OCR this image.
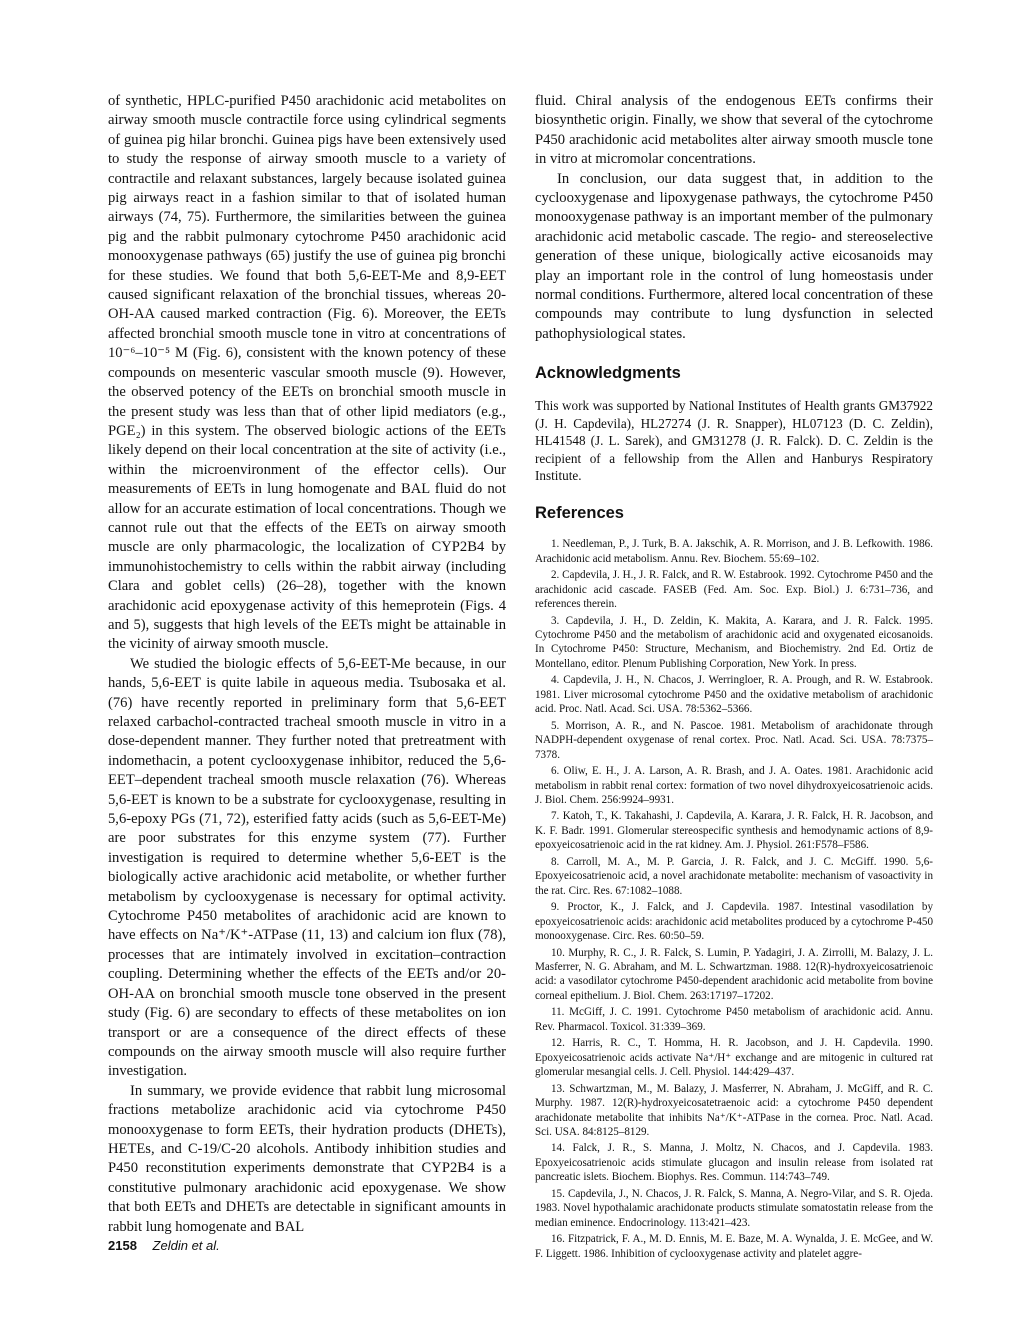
of synthetic, HPLC-purified P450 arachidonic acid metabolites on airway smooth muscle contractile force using cylindrical segments of guinea pig hilar bronchi. Guinea pigs have been extensively used to study the response of airway smooth muscle to a variety of contractile and relaxant substances, largely because isolated guinea pig airways react in a fashion similar to that of isolated human airways (74, 75). Furthermore, the similarities between the guinea pig and the rabbit pulmonary cytochrome P450 arachidonic acid monooxygenase pathways (65) justify the use of guinea pig bronchi for these studies. We found that both 5,6-EET-Me and 8,9-EET caused significant relaxation of the bronchial tissues, whereas 20-OH-AA caused marked contraction (Fig. 6). Moreover, the EETs affected bronchial smooth muscle tone in vitro at concentrations of 10⁻⁶–10⁻⁵ M (Fig. 6), consistent with the known potency of these compounds on mesenteric vascular smooth muscle (9). However, the observed potency of the EETs on bronchial smooth muscle in the present study was less than that of other lipid mediators (e.g., PGE₂) in this system. The observed biologic actions of the EETs likely depend on their local concentration at the site of activity (i.e., within the microenvironment of the effector cells). Our measurements of EETs in lung homogenate and BAL fluid do not allow for an accurate estimation of local concentrations. Though we cannot rule out that the effects of the EETs on airway smooth muscle are only pharmacologic, the localization of CYP2B4 by immunohistochemistry to cells within the rabbit airway (including Clara and goblet cells) (26–28), together with the known arachidonic acid epoxygenase activity of this hemeprotein (Figs. 4 and 5), suggests that high levels of the EETs might be attainable in the vicinity of airway smooth muscle.

We studied the biologic effects of 5,6-EET-Me because, in our hands, 5,6-EET is quite labile in aqueous media. Tsubosaka et al. (76) have recently reported in preliminary form that 5,6-EET relaxed carbachol-contracted tracheal smooth muscle in vitro in a dose-dependent manner. They further noted that pretreatment with indomethacin, a potent cyclooxygenase inhibitor, reduced the 5,6-EET–dependent tracheal smooth muscle relaxation (76). Whereas 5,6-EET is known to be a substrate for cyclooxygenase, resulting in 5,6-epoxy PGs (71, 72), esterified fatty acids (such as 5,6-EET-Me) are poor substrates for this enzyme system (77). Further investigation is required to determine whether 5,6-EET is the biologically active arachidonic acid metabolite, or whether further metabolism by cyclooxygenase is necessary for optimal activity. Cytochrome P450 metabolites of arachidonic acid are known to have effects on Na⁺/K⁺-ATPase (11, 13) and calcium ion flux (78), processes that are intimately involved in excitation–contraction coupling. Determining whether the effects of the EETs and/or 20-OH-AA on bronchial smooth muscle tone observed in the present study (Fig. 6) are secondary to effects of these metabolites on ion transport or are a consequence of the direct effects of these compounds on the airway smooth muscle will also require further investigation.

In summary, we provide evidence that rabbit lung microsomal fractions metabolize arachidonic acid via cytochrome P450 monooxygenase to form EETs, their hydration products (DHETs), HETEs, and C-19/C-20 alcohols. Antibody inhibition studies and P450 reconstitution experiments demonstrate that CYP2B4 is a constitutive pulmonary arachidonic acid epoxygenase. We show that both EETs and DHETs are detectable in significant amounts in rabbit lung homogenate and BAL

fluid. Chiral analysis of the endogenous EETs confirms their biosynthetic origin. Finally, we show that several of the cytochrome P450 arachidonic acid metabolites alter airway smooth muscle tone in vitro at micromolar concentrations.

In conclusion, our data suggest that, in addition to the cyclooxygenase and lipoxygenase pathways, the cytochrome P450 monooxygenase pathway is an important member of the pulmonary arachidonic acid metabolic cascade. The regio- and stereoselective generation of these unique, biologically active eicosanoids may play an important role in the control of lung homeostasis under normal conditions. Furthermore, altered local concentration of these compounds may contribute to lung dysfunction in selected pathophysiological states.

Acknowledgments

This work was supported by National Institutes of Health grants GM37922 (J. H. Capdevila), HL27274 (J. R. Snapper), HL07123 (D. C. Zeldin), HL41548 (J. L. Sarek), and GM31278 (J. R. Falck). D. C. Zeldin is the recipient of a fellowship from the Allen and Hanburys Respiratory Institute.

References
1. Needleman, P., J. Turk, B. A. Jakschik, A. R. Morrison, and J. B. Lefkowith. 1986. Arachidonic acid metabolism. Annu. Rev. Biochem. 55:69–102.
2. Capdevila, J. H., J. R. Falck, and R. W. Estabrook. 1992. Cytochrome P450 and the arachidonic acid cascade. FASEB (Fed. Am. Soc. Exp. Biol.) J. 6:731–736, and references therein.
3. Capdevila, J. H., D. Zeldin, K. Makita, A. Karara, and J. R. Falck. 1995. Cytochrome P450 and the metabolism of arachidonic acid and oxygenated eicosanoids. In Cytochrome P450: Structure, Mechanism, and Biochemistry. 2nd Ed. Ortiz de Montellano, editor. Plenum Publishing Corporation, New York. In press.
4. Capdevila, J. H., N. Chacos, J. Werringloer, R. A. Prough, and R. W. Estabrook. 1981. Liver microsomal cytochrome P450 and the oxidative metabolism of arachidonic acid. Proc. Natl. Acad. Sci. USA. 78:5362–5366.
5. Morrison, A. R., and N. Pascoe. 1981. Metabolism of arachidonate through NADPH-dependent oxygenase of renal cortex. Proc. Natl. Acad. Sci. USA. 78:7375–7378.
6. Oliw, E. H., J. A. Larson, A. R. Brash, and J. A. Oates. 1981. Arachidonic acid metabolism in rabbit renal cortex: formation of two novel dihydroxyeicosatrienoic acids. J. Biol. Chem. 256:9924–9931.
7. Katoh, T., K. Takahashi, J. Capdevila, A. Karara, J. R. Falck, H. R. Jacobson, and K. F. Badr. 1991. Glomerular stereospecific synthesis and hemodynamic actions of 8,9-epoxyeicosatrienoic acid in the rat kidney. Am. J. Physiol. 261:F578–F586.
8. Carroll, M. A., M. P. Garcia, J. R. Falck, and J. C. McGiff. 1990. 5,6-Epoxyeicosatrienoic acid, a novel arachidonate metabolite: mechanism of vasoactivity in the rat. Circ. Res. 67:1082–1088.
9. Proctor, K., J. Falck, and J. Capdevila. 1987. Intestinal vasodilation by epoxyeicosatrienoic acids: arachidonic acid metabolites produced by a cytochrome P-450 monooxygenase. Circ. Res. 60:50–59.
10. Murphy, R. C., J. R. Falck, S. Lumin, P. Yadagiri, J. A. Zirrolli, M. Balazy, J. L. Masferrer, N. G. Abraham, and M. L. Schwartzman. 1988. 12(R)-hydroxyeicosatrienoic acid: a vasodilator cytochrome P450-dependent arachidonic acid metabolite from bovine corneal epithelium. J. Biol. Chem. 263:17197–17202.
11. McGiff, J. C. 1991. Cytochrome P450 metabolism of arachidonic acid. Annu. Rev. Pharmacol. Toxicol. 31:339–369.
12. Harris, R. C., T. Homma, H. R. Jacobson, and J. H. Capdevila. 1990. Epoxyeicosatrienoic acids activate Na⁺/H⁺ exchange and are mitogenic in cultured rat glomerular mesangial cells. J. Cell. Physiol. 144:429–437.
13. Schwartzman, M., M. Balazy, J. Masferrer, N. Abraham, J. McGiff, and R. C. Murphy. 1987. 12(R)-hydroxyeicosatetraenoic acid: a cytochrome P450 dependent arachidonate metabolite that inhibits Na⁺/K⁺-ATPase in the cornea. Proc. Natl. Acad. Sci. USA. 84:8125–8129.
14. Falck, J. R., S. Manna, J. Moltz, N. Chacos, and J. Capdevila. 1983. Epoxyeicosatrienoic acids stimulate glucagon and insulin release from isolated rat pancreatic islets. Biochem. Biophys. Res. Commun. 114:743–749.
15. Capdevila, J., N. Chacos, J. R. Falck, S. Manna, A. Negro-Vilar, and S. R. Ojeda. 1983. Novel hypothalamic arachidonate products stimulate somatostatin release from the median eminence. Endocrinology. 113:421–423.
16. Fitzpatrick, F. A., M. D. Ennis, M. E. Baze, M. A. Wynalda, J. E. McGee, and W. F. Liggett. 1986. Inhibition of cyclooxygenase activity and platelet aggre-
2158 Zeldin et al.
